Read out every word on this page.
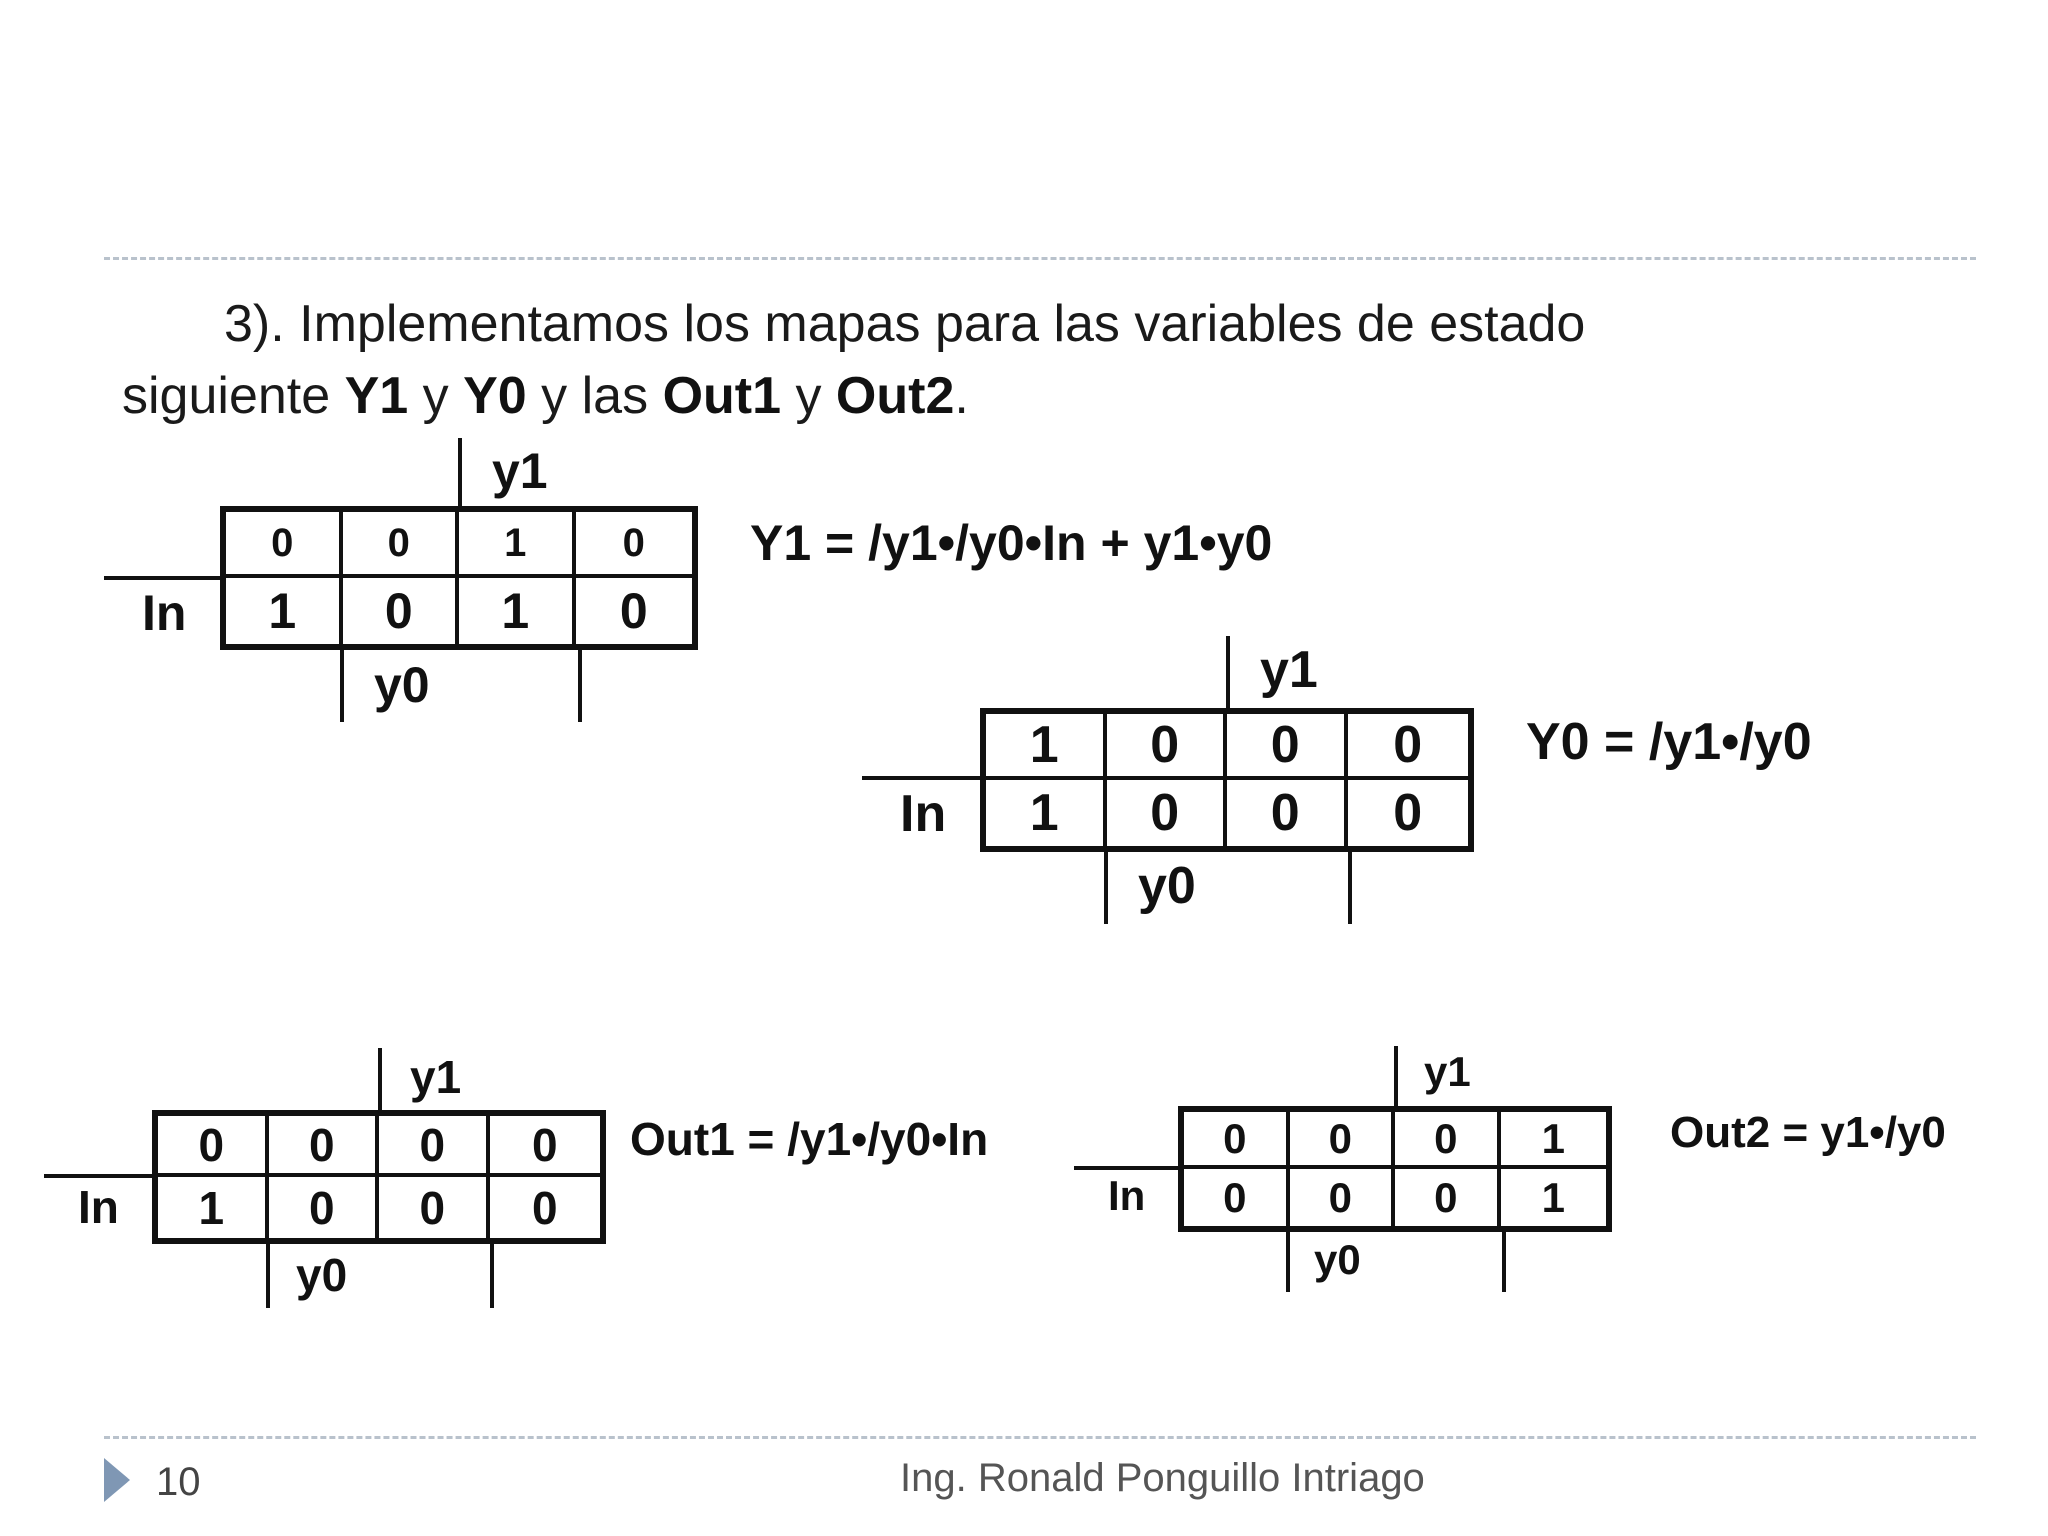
3). Implementamos los mapas para las variables de estado
siguiente Y1 y Y0 y las Out1 y Out2.
y1
In
0	0	1	0
1	0	1	0
y0
Y1 = /y1•/y0•In + y1•y0
y1
In
1	0	0	0
1	0	0	0
y0
Y0 = /y1•/y0
y1
In
0	0	0	0
1	0	0	0
y0
Out1 = /y1•/y0•In
y1
In
0	0	0	1
0	0	0	1
y0
Out2 = y1•/y0
10	Ing. Ronald Ponguillo Intriago
